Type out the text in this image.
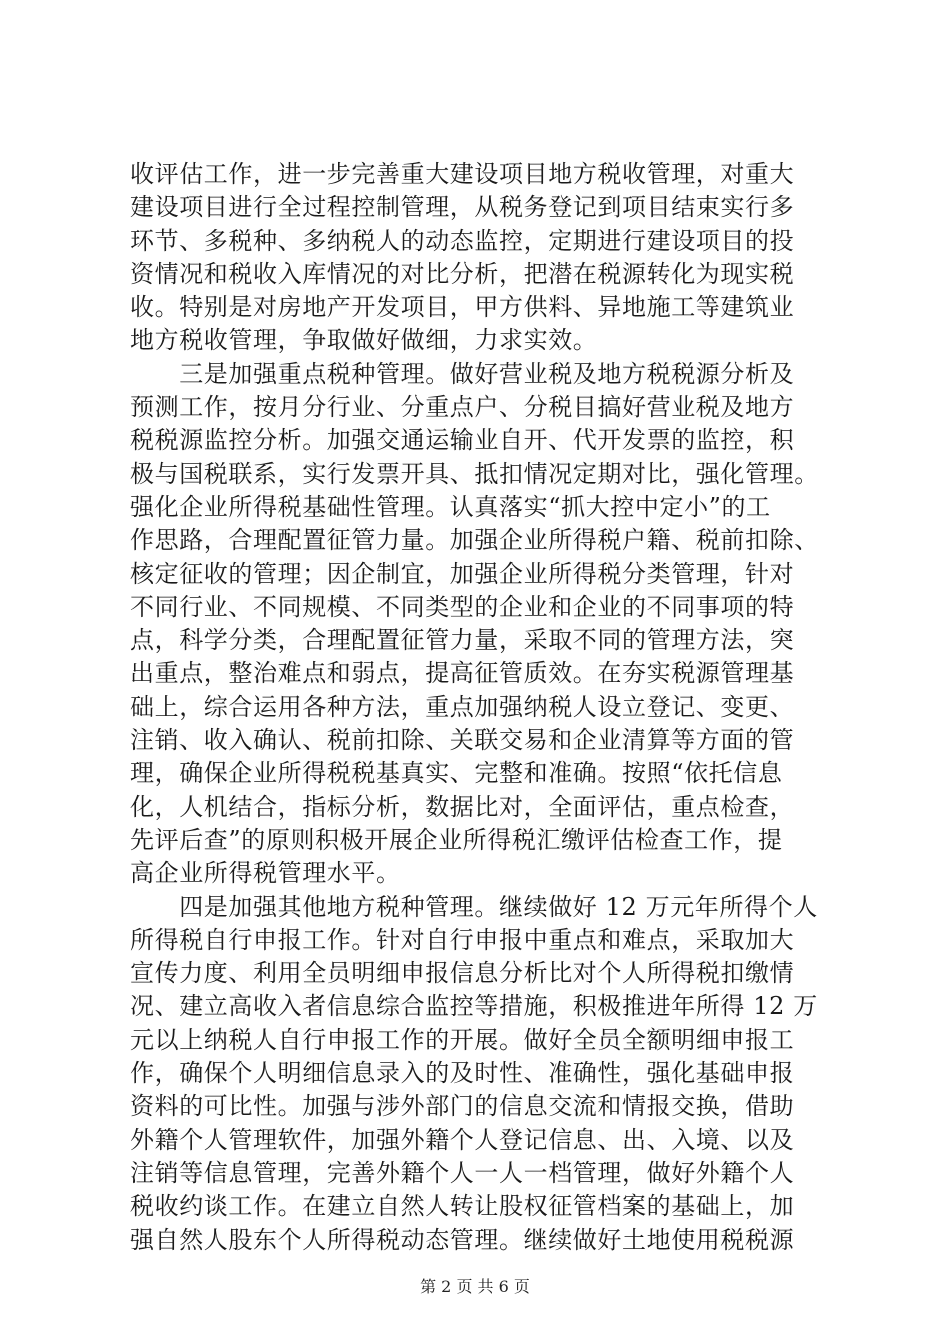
收评估工作，进一步完善重大建设项目地方税收管理，对重大
建设项目进行全过程控制管理，从税务登记到项目结束实行多
环节、多税种、多纳税人的动态监控，定期进行建设项目的投
资情况和税收入库情况的对比分析，把潜在税源转化为现实税
收。特别是对房地产开发项目，甲方供料、异地施工等建筑业
地方税收管理，争取做好做细，力求实效。
　　三是加强重点税种管理。做好营业税及地方税税源分析及
预测工作，按月分行业、分重点户、分税目搞好营业税及地方
税税源监控分析。加强交通运输业自开、代开发票的监控，积
极与国税联系，实行发票开具、抵扣情况定期对比，强化管理。
强化企业所得税基础性管理。认真落实“抓大控中定小”的工
作思路，合理配置征管力量。加强企业所得税户籍、税前扣除、
核定征收的管理；因企制宜，加强企业所得税分类管理，针对
不同行业、不同规模、不同类型的企业和企业的不同事项的特
点，科学分类，合理配置征管力量，采取不同的管理方法，突
出重点，整治难点和弱点，提高征管质效。在夯实税源管理基
础上，综合运用各种方法，重点加强纳税人设立登记、变更、
注销、收入确认、税前扣除、关联交易和企业清算等方面的管
理，确保企业所得税税基真实、完整和准确。按照“依托信息
化，人机结合，指标分析，数据比对，全面评估，重点检查，
先评后查”的原则积极开展企业所得税汇缴评估检查工作，提
高企业所得税管理水平。
　　四是加强其他地方税种管理。继续做好 12 万元年所得个人
所得税自行申报工作。针对自行申报中重点和难点，采取加大
宣传力度、利用全员明细申报信息分析比对个人所得税扣缴情
况、建立高收入者信息综合监控等措施，积极推进年所得 12 万
元以上纳税人自行申报工作的开展。做好全员全额明细申报工
作，确保个人明细信息录入的及时性、准确性，强化基础申报
资料的可比性。加强与涉外部门的信息交流和情报交换，借助
外籍个人管理软件，加强外籍个人登记信息、出、入境、以及
注销等信息管理，完善外籍个人一人一档管理，做好外籍个人
税收约谈工作。在建立自然人转让股权征管档案的基础上，加
强自然人股东个人所得税动态管理。继续做好土地使用税税源
第 2 页 共 6 页
